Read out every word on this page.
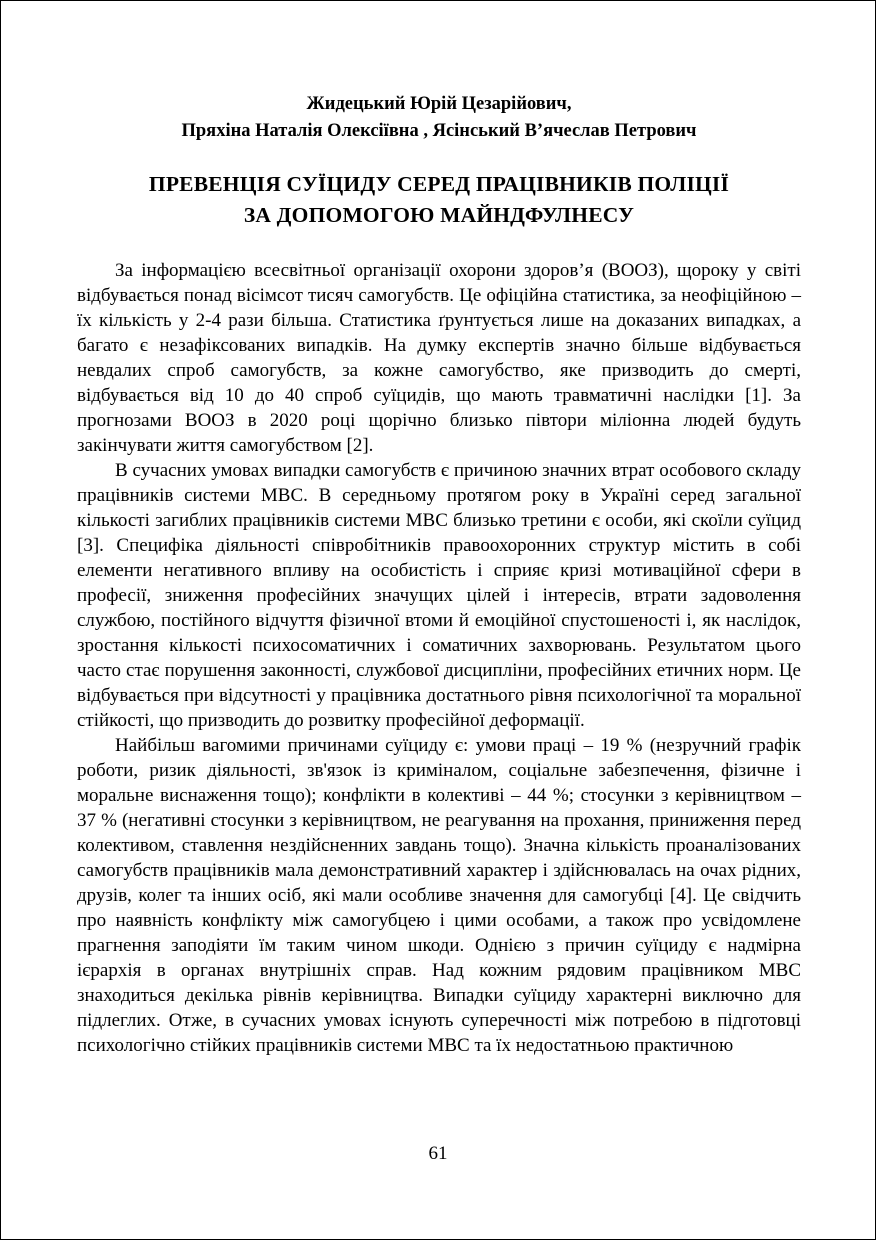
Жидецький Юрій Цезарійович,
Пряхіна Наталія Олексіївна , Ясінський В’ячеслав Петрович
ПРЕВЕНЦІЯ СУЇЦИДУ СЕРЕД ПРАЦІВНИКІВ ПОЛІЦІЇ
ЗА ДОПОМОГОЮ МАЙНДФУЛНЕСУ

За інформацією всесвітньої організації охорони здоров’я (ВООЗ), щороку у світі відбувається понад вісімсот тисяч самогубств. Це офіційна статистика, за неофіційною – їх кількість у 2-4 рази більша. Статистика ґрунтується лише на доказаних випадках, а багато є незафіксованих випадків. На думку експертів значно більше відбувається невдалих спроб самогубств, за кожне самогубство, яке призводить до смерті, відбувається від 10 до 40 спроб суїцидів, що мають травматичні наслідки [1]. За прогнозами ВООЗ в 2020 році щорічно близько півтори міліонна людей будуть закінчувати життя самогубством [2].

В сучасних умовах випадки самогубств є причиною значних втрат особового складу працівників системи МВС. В середньому протягом року в Україні серед загальної кількості загиблих працівників системи МВС близько третини є особи, які скоїли суїцид [3]. Специфіка діяльності співробітників правоохоронних структур містить в собі елементи негативного впливу на особистість і сприяє кризі мотиваційної сфери в професії, зниження професійних значущих цілей і інтересів, втрати задоволення службою, постійного відчуття фізичної втоми й емоційної спустошеності і, як наслідок, зростання кількості психосоматичних і соматичних захворювань. Результатом цього часто стає порушення законності, службової дисципліни, професійних етичних норм. Це відбувається при відсутності у працівника достатнього рівня психологічної та моральної стійкості, що призводить до розвитку професійної деформації.

Найбільш вагомими причинами суїциду є: умови праці – 19 % (незручний графік роботи, ризик діяльності, зв'язок із криміналом, соціальне забезпечення, фізичне і моральне виснаження тощо); конфлікти в колективі – 44 %; стосунки з керівництвом – 37 % (негативні стосунки з керівництвом, не реагування на прохання, приниження перед колективом, ставлення нездійсненних завдань тощо). Значна кількість проаналізованих самогубств працівників мала демонстративний характер і здійснювалась на очах рідних, друзів, колег та інших осіб, які мали особливе значення для самогубці [4]. Це свідчить про наявність конфлікту між самогубцею і цими особами, а також про усвідомлене прагнення заподіяти їм таким чином шкоди. Однією з причин суїциду є надмірна ієрархія в органах внутрішніх справ. Над кожним рядовим працівником МВС знаходиться декілька рівнів керівництва. Випадки суїциду характерні виключно для підлеглих. Отже, в сучасних умовах існують суперечності між потребою в підготовці психологічно стійких працівників системи МВС та їх недостатньою практичною

61
